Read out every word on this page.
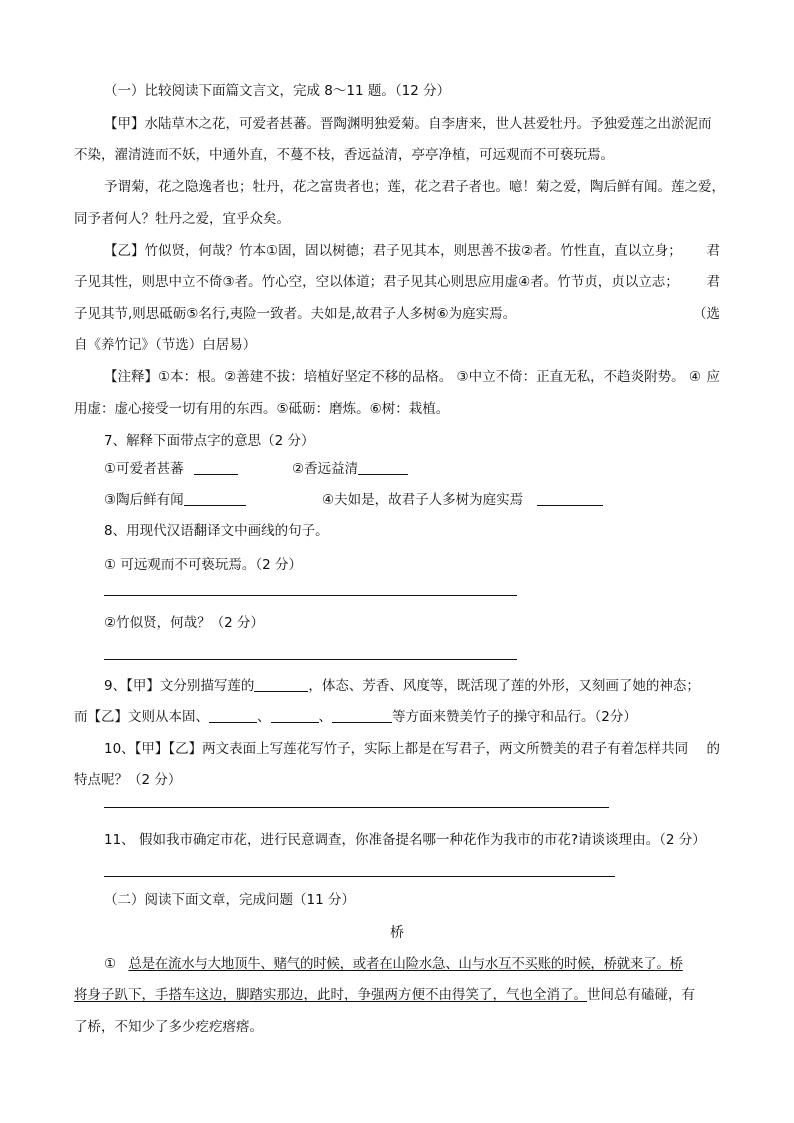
（一）比较阅读下面篇文言文，完成 8～11 题。（12 分）
【甲】水陆草木之花，可爱者甚蕃。晋陶渊明独爱菊。自李唐来，世人甚爱牡丹。予独爱莲之出淤泥 而
不染，濯清涟而不妖，中通外直，不蔓不枝，香远益清，亭亭净植，可远观而不可亵玩焉。
予谓菊，花之隐逸者也；牡丹，花之富贵者也；莲，花之君子者也。噫！菊之爱，陶后鲜有闻。莲之 爱，
同予者何人？牡丹之爱，宜乎众矣。
【乙】竹似贤，何哉？竹本①固，固以树德；君子见其本，则思善不拔②者。竹性直，直以立身； 君
子见其性，则思中立不倚③者。竹心空，空以体道；君子见其心则思应用虚④者。竹节贞，贞以立志； 君
子见其节,则思砥砺⑤名行,夷险一致者。夫如是,故君子人多树⑥为庭实焉。	（选
自《养竹记》（节选）白居易）
【注释】①本：根。②善建不拔：培植好坚定不移的品格。 ③中立不倚：正直无私，不趋炎附势。 ④ 应
用虚：虚心接受一切有用的东西。⑤砥砺：磨炼。⑥树：栽植。
7、解释下面带点字的意思（2 分）
①可爱者甚蕃	②香远益清
③陶后鲜有闻	④夫如是，故君子人多树为庭实焉
8、用现代汉语翻译文中画线的句子。
① 可远观而不可亵玩焉。（2 分）
②竹似贤，何哉？（2 分）
9、【甲】文分别描写莲的	，体态、芳香、风度等，既活现了莲的外形，又刻画了她的神态；
而【乙】文则从本固、	、	、	等方面来赞美竹子的操守和品行。（2分）
10、【甲】【乙】两文表面上写莲花写竹子，实际上都是在写君子，两文所赞美的君子有着怎样共同 的
特点呢？（2 分）
11、 假如我市确定市花，进行民意调查，你准备提名哪一种花作为我市的市花?请谈谈理由。（2 分）
（二）阅读下面文章，完成问题（11 分）
桥
① 总是在流水与大地顶牛、赌气的时候，或者在山险水急、山与水互不买账的时候，桥就来了。桥
将身子趴下，手搭车这边，脚踏实那边，此时，争强两方便不由得笑了，气也全消了。世间总有磕碰，有
了桥，不知少了多少疙疙瘩瘩。
